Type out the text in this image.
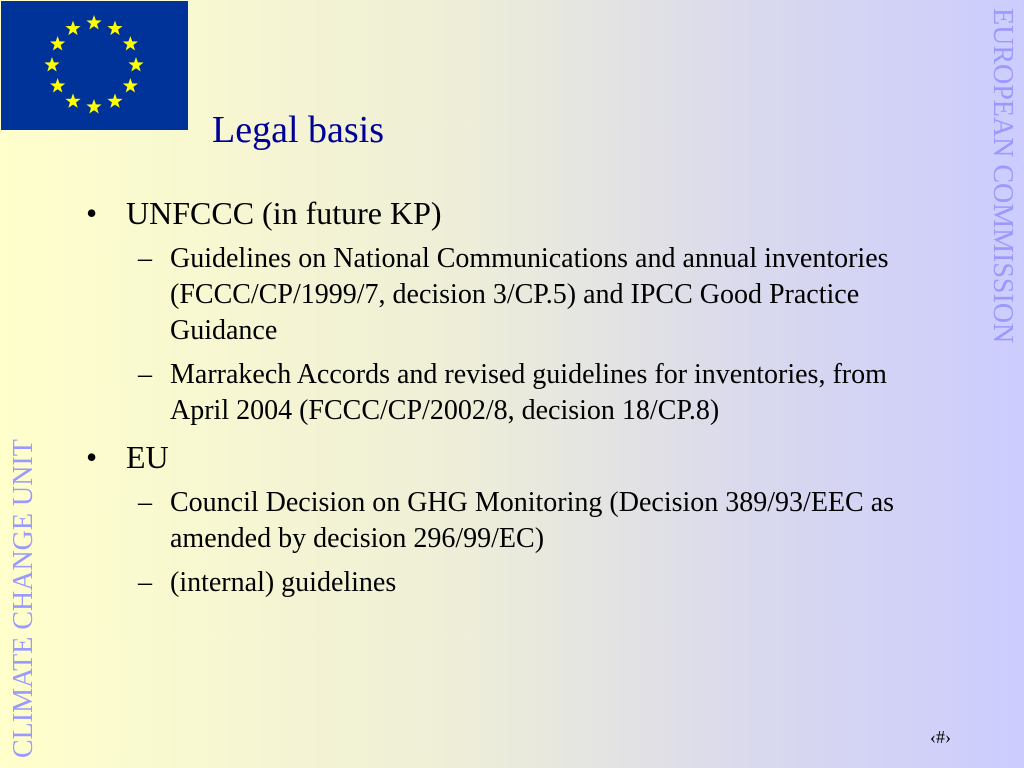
Legal basis	EUROPEAN COMMISSION
CLIMATE CHANGE UNIT
• UNFCCC (in future KP)
– Guidelines on National Communications and annual inventories (FCCC/CP/1999/7, decision 3/CP.5) and IPCC Good Practice Guidance
– Marrakech Accords and revised guidelines for inventories, from April 2004 (FCCC/CP/2002/8, decision 18/CP.8)
• EU
– Council Decision on GHG Monitoring (Decision 389/93/EEC as amended by decision 296/99/EC)
– (internal) guidelines
‹#›
